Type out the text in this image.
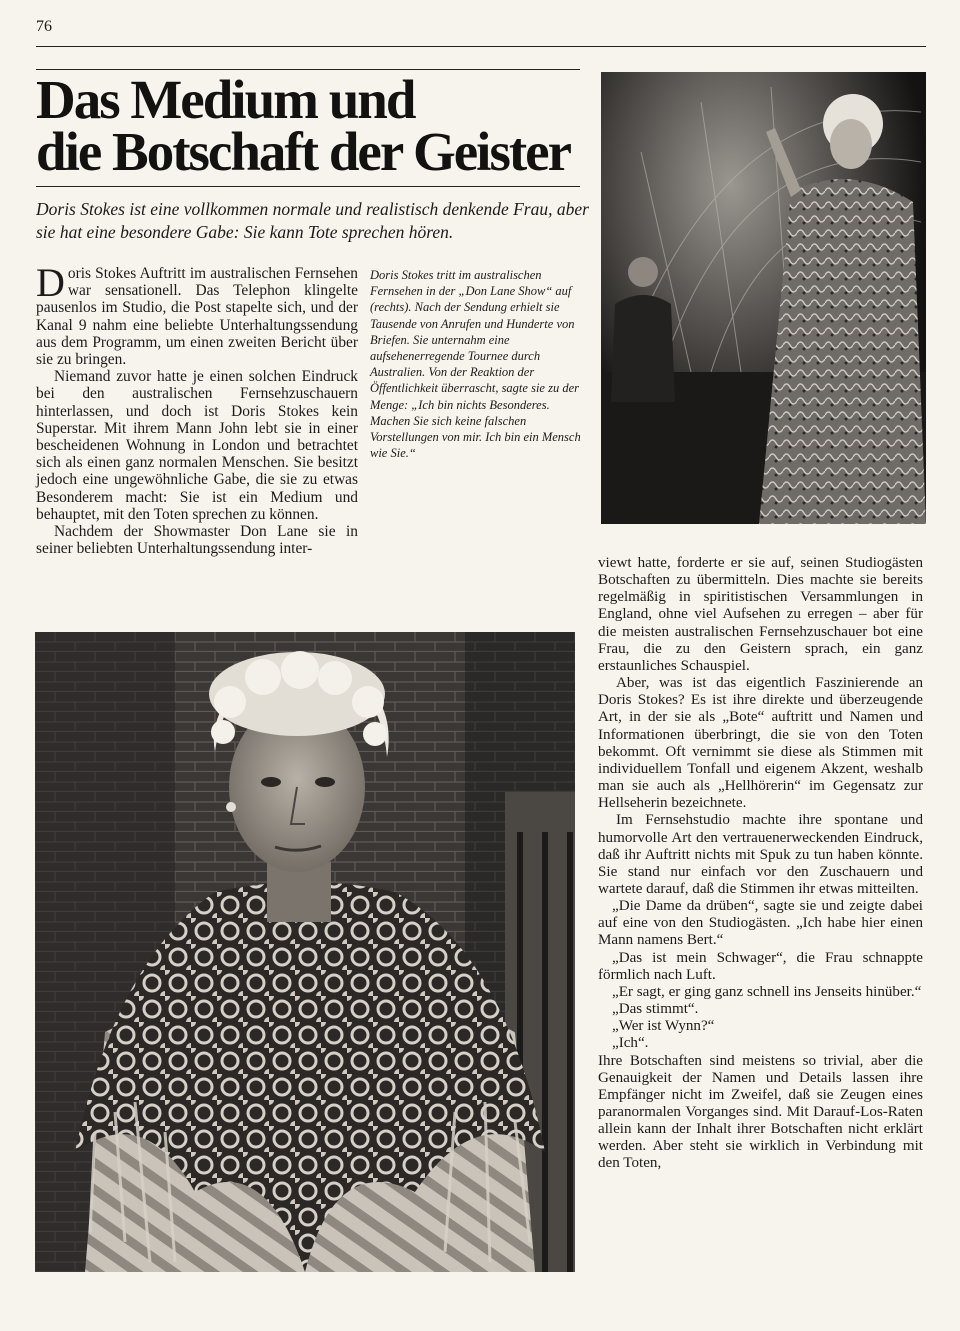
76
Das Medium und
die Botschaft der Geister
Doris Stokes ist eine vollkommen normale und realistisch denkende Frau, aber sie hat eine besondere Gabe: Sie kann Tote sprechen hören.

Doris Stokes Auftritt im australischen Fernsehen war sensationell. Das Telephon klingelte pausenlos im Studio, die Post stapelte sich, und der Kanal 9 nahm eine beliebte Unterhaltungssendung aus dem Programm, um einen zweiten Bericht über sie zu bringen.

Niemand zuvor hatte je einen solchen Eindruck bei den australischen Fernsehzuschauern hinterlassen, und doch ist Doris Stokes kein Superstar. Mit ihrem Mann John lebt sie in einer bescheidenen Wohnung in London und betrachtet sich als einen ganz normalen Menschen. Sie besitzt jedoch eine ungewöhnliche Gabe, die sie zu etwas Besonderem macht: Sie ist ein Medium und behauptet, mit den Toten sprechen zu können.

Nachdem der Showmaster Don Lane sie in seiner beliebten Unterhaltungssendung inter-

Doris Stokes tritt im australischen Fernsehen in der „Don Lane Show“ auf (rechts). Nach der Sendung erhielt sie Tausende von Anrufen und Hunderte von Briefen. Sie unternahm eine aufsehenerregende Tournee durch Australien. Von der Reaktion der Öffentlichkeit überrascht, sagte sie zu der Menge: „Ich bin nichts Besonderes. Machen Sie sich keine falschen Vorstellungen von mir. Ich bin ein Mensch wie Sie.“

viewt hatte, forderte er sie auf, seinen Studiogästen Botschaften zu übermitteln. Dies machte sie bereits regelmäßig in spiritistischen Versammlungen in England, ohne viel Aufsehen zu erregen – aber für die meisten australischen Fernsehzuschauer bot eine Frau, die zu den Geistern sprach, ein ganz erstaunliches Schauspiel.

Aber, was ist das eigentlich Faszinierende an Doris Stokes? Es ist ihre direkte und überzeugende Art, in der sie als „Bote“ auftritt und Namen und Informationen überbringt, die sie von den Toten bekommt. Oft vernimmt sie diese als Stimmen mit individuellem Tonfall und eigenem Akzent, weshalb man sie auch als „Hellhörerin“ im Gegensatz zur Hellseherin bezeichnete.

Im Fernsehstudio machte ihre spontane und humorvolle Art den vertrauenerweckenden Eindruck, daß ihr Auftritt nichts mit Spuk zu tun haben könnte. Sie stand nur einfach vor den Zuschauern und wartete darauf, daß die Stimmen ihr etwas mitteilten.

„Die Dame da drüben“, sagte sie und zeigte dabei auf eine von den Studiogästen. „Ich habe hier einen Mann namens Bert.“

„Das ist mein Schwager“, die Frau schnappte förmlich nach Luft.

„Er sagt, er ging ganz schnell ins Jenseits hinüber.“

„Das stimmt“.

„Wer ist Wynn?“

„Ich“.

Ihre Botschaften sind meistens so trivial, aber die Genauigkeit der Namen und Details lassen ihre Empfänger nicht im Zweifel, daß sie Zeugen eines paranormalen Vorganges sind. Mit Darauf-Los-Raten allein kann der Inhalt ihrer Botschaften nicht erklärt werden. Aber steht sie wirklich in Verbindung mit den Toten,
